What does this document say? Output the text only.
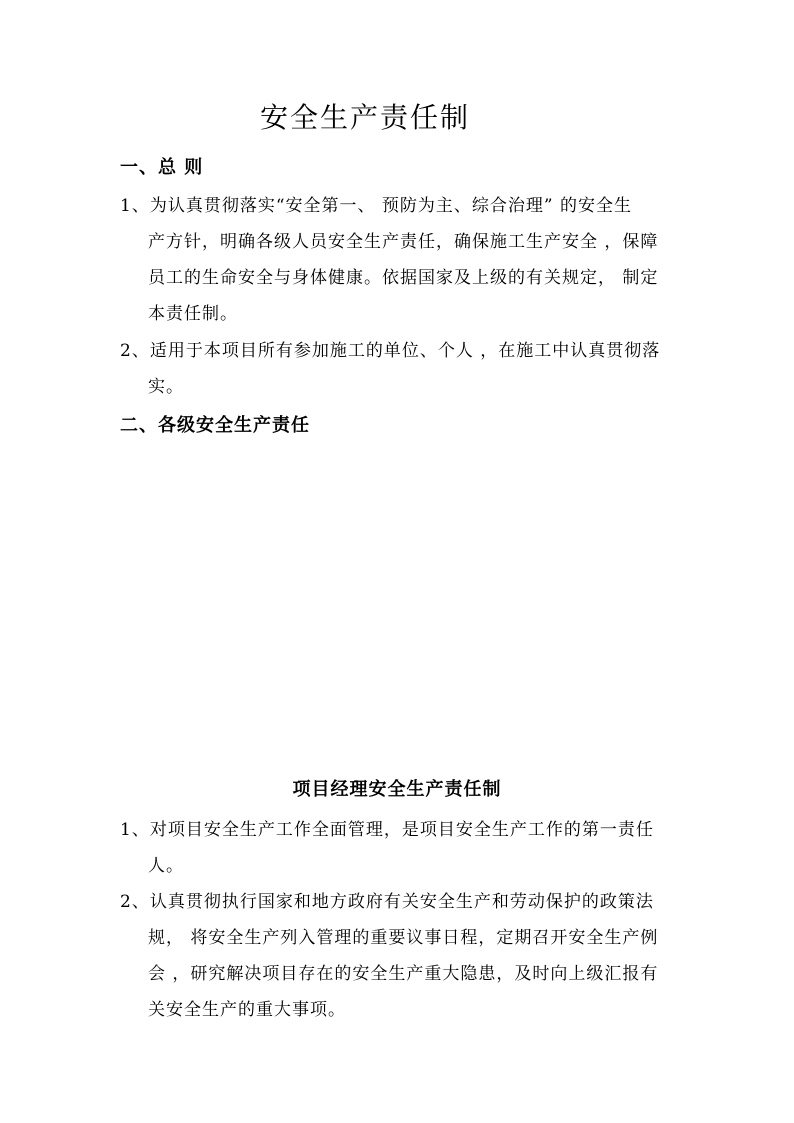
安全生产责任制
一、总 则
1、为认真贯彻落实“安全第一、 预防为主、综合治理” 的安全生
产方针，明确各级人员安全生产责任，确保施工生产安全 ，保障
员工的生命安全与身体健康。依据国家及上级的有关规定， 制定
本责任制。
2、适用于本项目所有参加施工的单位、个人 ，在施工中认真贯彻落
实。
二、各级安全生产责任
项目经理安全生产责任制
1、对项目安全生产工作全面管理，是项目安全生产工作的第一责任
人。
2、认真贯彻执行国家和地方政府有关安全生产和劳动保护的政策法
规， 将安全生产列入管理的重要议事日程，定期召开安全生产例
会 ，研究解决项目存在的安全生产重大隐患，及时向上级汇报有
关安全生产的重大事项。
